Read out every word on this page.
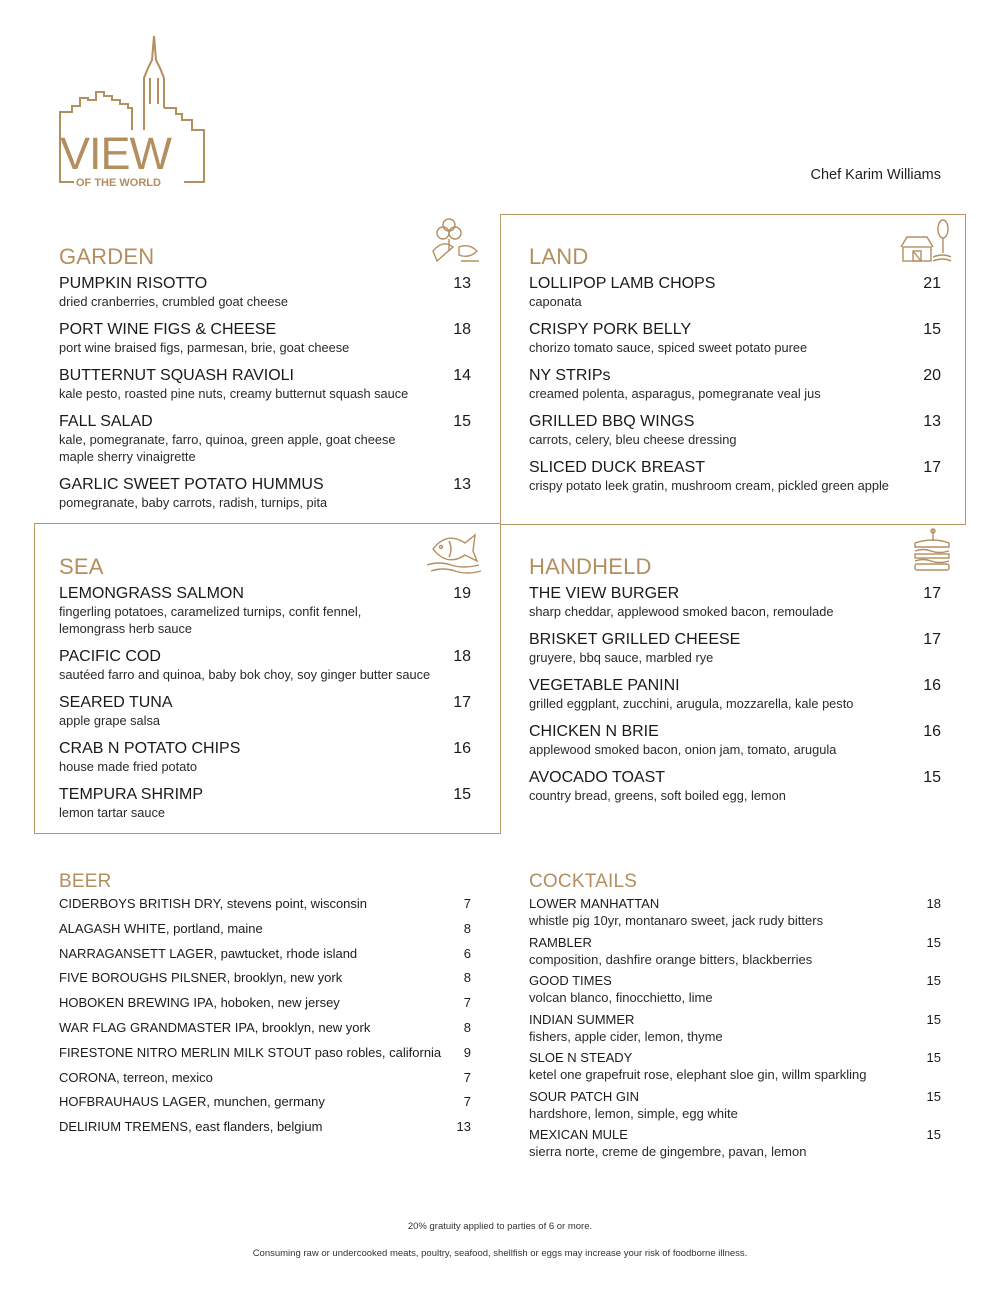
VIEW
OF THE WORLD	Chef Karim Williams
GARDEN
PUMPKIN RISOTTO	13
dried cranberries, crumbled goat cheese
PORT WINE FIGS & CHEESE	18
port wine braised figs, parmesan, brie, goat cheese
BUTTERNUT SQUASH RAVIOLI	14
kale pesto, roasted pine nuts, creamy butternut squash sauce
FALL SALAD	15
kale, pomegranate, farro, quinoa, green apple, goat cheese
maple sherry vinaigrette
GARLIC SWEET POTATO HUMMUS	13
pomegranate, baby carrots, radish, turnips, pita
LAND
LOLLIPOP LAMB CHOPS	21
caponata
CRISPY PORK BELLY	15
chorizo tomato sauce, spiced sweet potato puree
NY STRIPs	20
creamed polenta, asparagus, pomegranate veal jus
GRILLED BBQ WINGS	13
carrots, celery, bleu cheese dressing
SLICED DUCK BREAST	17
crispy potato leek gratin, mushroom cream, pickled green apple
SEA
LEMONGRASS SALMON	19
fingerling potatoes, caramelized turnips, confit fennel,
lemongrass herb sauce
PACIFIC COD	18
sautéed farro and quinoa, baby bok choy, soy ginger butter sauce
SEARED TUNA	17
apple grape salsa
CRAB N POTATO CHIPS	16
house made fried potato
TEMPURA SHRIMP	15
lemon tartar sauce
HANDHELD
THE VIEW BURGER	17
sharp cheddar, applewood smoked bacon, remoulade
BRISKET GRILLED CHEESE	17
gruyere, bbq sauce, marbled rye
VEGETABLE PANINI	16
grilled eggplant, zucchini, arugula, mozzarella, kale pesto
CHICKEN N BRIE	16
applewood smoked bacon, onion jam, tomato, arugula
AVOCADO TOAST	15
country bread, greens, soft boiled egg, lemon
BEER
CIDERBOYS BRITISH DRY, stevens point, wisconsin	7
ALAGASH WHITE, portland, maine	8
NARRAGANSETT LAGER, pawtucket, rhode island	6
FIVE BOROUGHS PILSNER, brooklyn, new york	8
HOBOKEN BREWING IPA, hoboken, new jersey	7
WAR FLAG GRANDMASTER IPA, brooklyn, new york	8
FIRESTONE NITRO MERLIN MILK STOUT paso robles, california 9
CORONA, terreon, mexico	7
HOFBRAUHAUS LAGER, munchen, germany	7
DELIRIUM TREMENS, east flanders, belgium	13
COCKTAILS
LOWER MANHATTAN	18
whistle pig 10yr, montanaro sweet, jack rudy bitters
RAMBLER	15
composition, dashfire orange bitters, blackberries
GOOD TIMES	15
volcan blanco, finocchietto, lime
INDIAN SUMMER	15
fishers, apple cider, lemon, thyme
SLOE N STEADY	15
ketel one grapefruit rose, elephant sloe gin, willm sparkling
SOUR PATCH GIN	15
hardshore, lemon, simple, egg white
MEXICAN MULE	15
sierra norte, creme de gingembre, pavan, lemon
20% gratuity applied to parties of 6 or more.
Consuming raw or undercooked meats, poultry, seafood, shellfish or eggs may increase your risk of foodborne illness.
